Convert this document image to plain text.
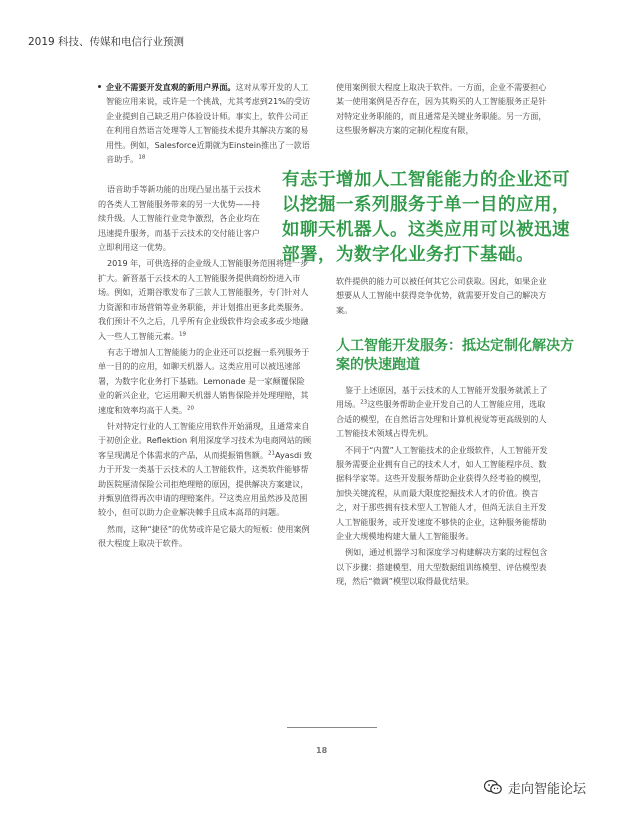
2019 科技、传媒和电信行业预测
企业不需要开发直观的新用户界面。这对从零开发的人工智能应用来说，或许是一个挑战，尤其考虑到21%的受访企业提到自己缺乏用户体验设计师。事实上，软件公司正在利用自然语言处理等人工智能技术提升其解决方案的易用性。例如，Salesforce近期就为Einstein推出了一款语音助手。$^{18}$

语音助手等新功能的出现凸显出基于云技术的各类人工智能服务带来的另一大优势——持续升级。人工智能行业竞争激烈，各企业均在迅速提升服务，而基于云技术的交付能让客户立即利用这一优势。

2019 年，可供选择的企业级人工智能服务范围将进一步扩大。新晋基于云技术的人工智能服务提供商纷纷进入市场。例如，近期谷歌发布了三款人工智能服务，专门针对人力资源和市场营销等业务职能，并计划推出更多此类服务。我们预计不久之后，几乎所有企业级软件均会或多或少地融入一些人工智能元素。$^{19}$

有志于增加人工智能能力的企业还可以挖掘一系列服务于单一目的的应用，如聊天机器人。这类应用可以被迅速部署，为数字化业务打下基础。Lemonade 是一家颠覆保险业的新兴企业，它运用聊天机器人销售保险并处理理赔，其速度和效率均高于人类。$^{20}$

针对特定行业的人工智能应用软件开始涌现，且通常来自于初创企业。Reflektion 利用深度学习技术为电商网站的顾客呈现满足个体需求的产品，从而提振销售额。$^{21}$Ayasdi 致力于开发一类基于云技术的人工智能软件，这类软件能够帮助医院厘清保险公司拒绝理赔的原因，提供解决方案建议，并甄别值得再次申请的理赔案件。$^{22}$这类应用虽然涉及范围较小，但可以助力企业解决棘手且成本高昂的问题。

然而，这种“捷径”的优势或许是它最大的短板：使用案例很大程度上取决于软件。

使用案例很大程度上取决于软件。一方面，企业不需要担心某一使用案例是否存在，因为其购买的人工智能服务正是针对特定业务职能的，而且通常是关键业务职能。另一方面，这些服务解决方案的定制化程度有限，

有志于增加人工智能能力的企业还可以挖掘一系列服务于单一目的应用，如聊天机器人。这类应用可以被迅速部署，为数字化业务打下基础。

软件提供的能力可以被任何其它公司获取。因此，如果企业想要从人工智能中获得竞争优势，就需要开发自己的解决方案。

人工智能开发服务：抵达定制化解决方案的快速跑道

鉴于上述原因，基于云技术的人工智能开发服务就派上了用场。$^{23}$这些服务帮助企业开发自己的人工智能应用，选取合适的模型，在自然语言处理和计算机视觉等更高级别的人工智能技术领域占得先机。

不同于“内置”人工智能技术的企业级软件，人工智能开发服务需要企业拥有自己的技术人才，如人工智能程序员、数据科学家等。这些开发服务帮助企业获得久经考验的模型，加快关键流程，从而最大限度挖掘技术人才的价值。换言之，对于那些拥有技术型人工智能人才，但尚无法自主开发人工智能服务，或开发速度不够快的企业，这种服务能帮助企业大规模地构建大量人工智能服务。

例如，通过机器学习和深度学习构建解决方案的过程包含以下步骤：搭建模型、用大型数据组训练模型、评估模型表现，然后“微调”模型以取得最优结果。

18
走向智能论坛
